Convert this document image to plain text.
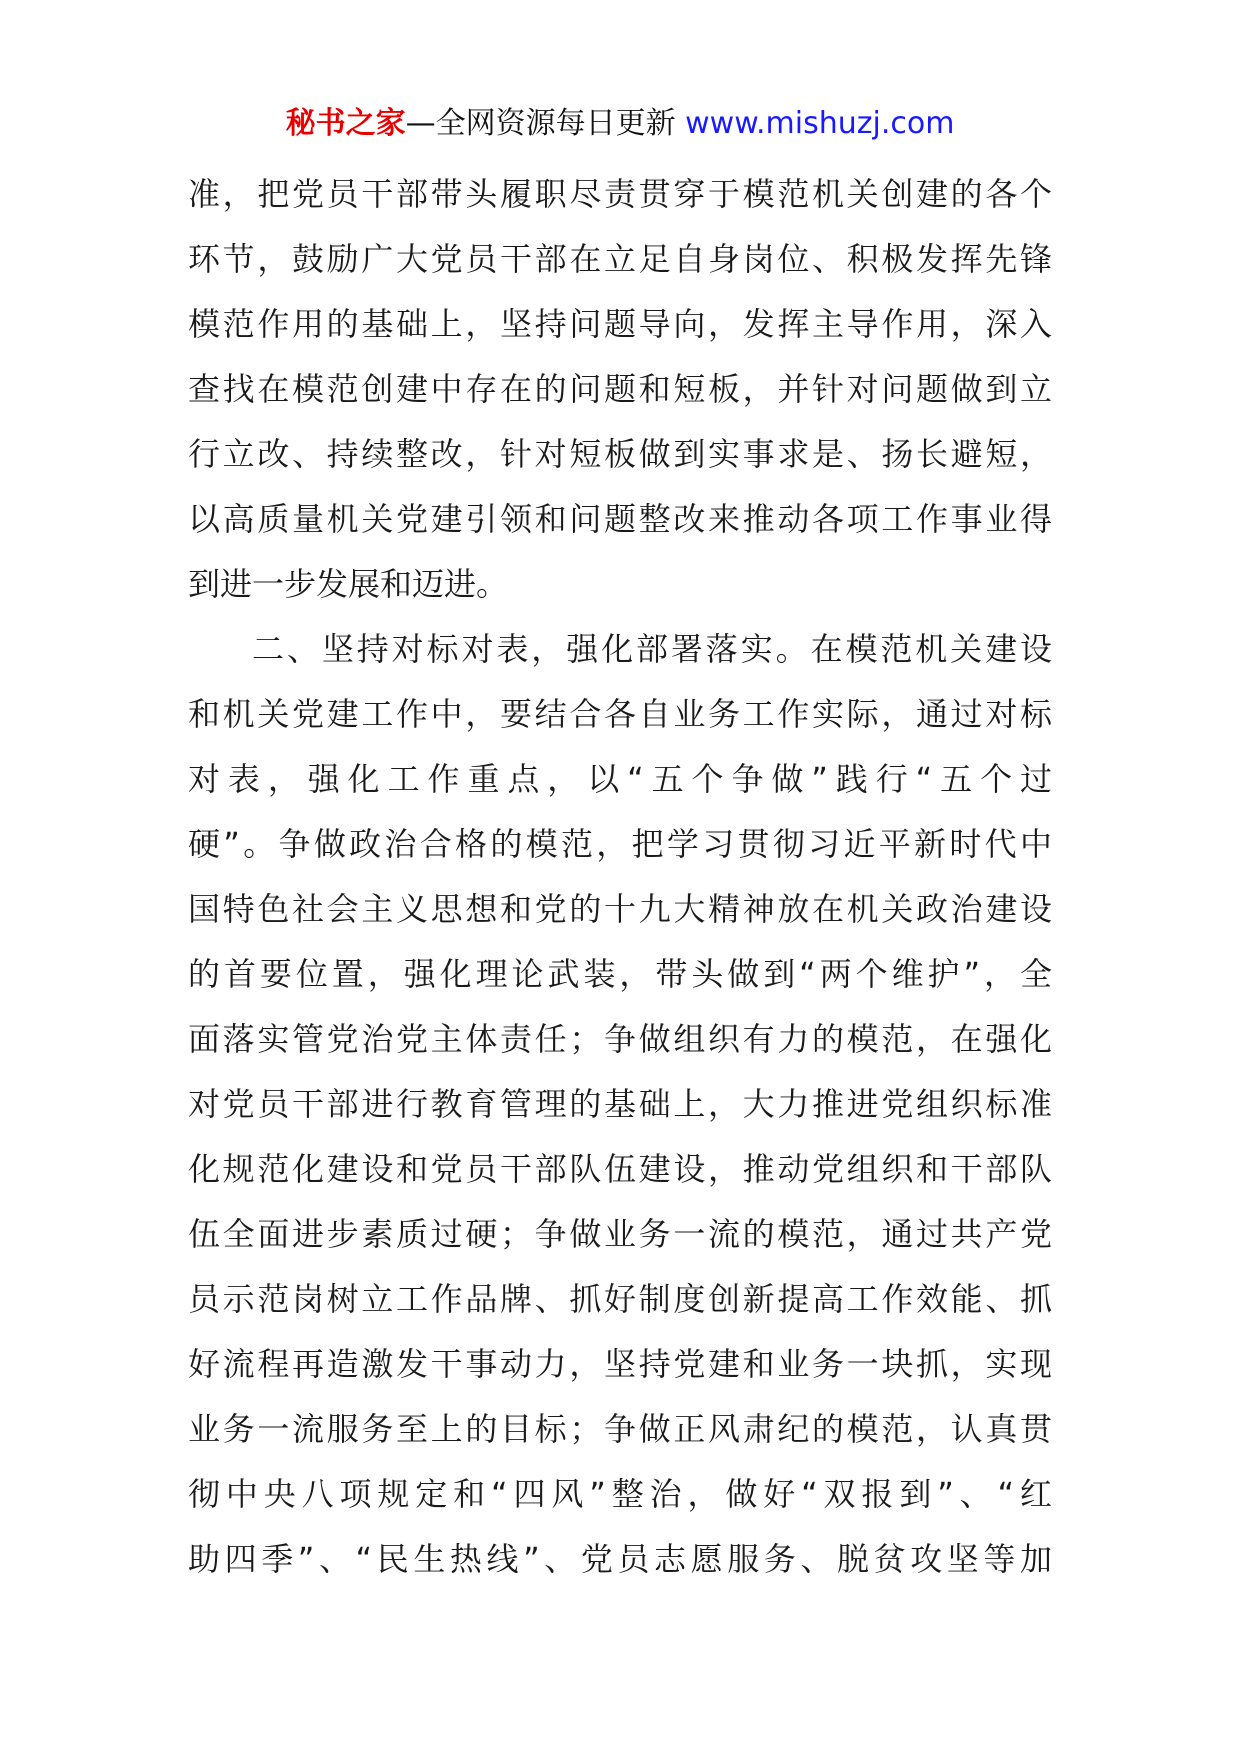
秘书之家—全网资源每日更新 www.mishuzj.com
准，把党员干部带头履职尽责贯穿于模范机关创建的各个
环节，鼓励广大党员干部在立足自身岗位、积极发挥先锋
模范作用的基础上，坚持问题导向，发挥主导作用，深入
查找在模范创建中存在的问题和短板，并针对问题做到立
行立改、持续整改，针对短板做到实事求是、扬长避短，
以高质量机关党建引领和问题整改来推动各项工作事业得
到进一步发展和迈进。
二、坚持对标对表，强化部署落实。在模范机关建设
和机关党建工作中，要结合各自业务工作实际，通过对标
对表，强化工作重点，以“五个争做”践行“五个过
硬”。争做政治合格的模范，把学习贯彻习近平新时代中
国特色社会主义思想和党的十九大精神放在机关政治建设
的首要位置，强化理论武装，带头做到“两个维护”，全
面落实管党治党主体责任；争做组织有力的模范，在强化
对党员干部进行教育管理的基础上，大力推进党组织标准
化规范化建设和党员干部队伍建设，推动党组织和干部队
伍全面进步素质过硬；争做业务一流的模范，通过共产党
员示范岗树立工作品牌、抓好制度创新提高工作效能、抓
好流程再造激发干事动力，坚持党建和业务一块抓，实现
业务一流服务至上的目标；争做正风肃纪的模范，认真贯
彻中央八项规定和“四风”整治，做好“双报到”、“红
助四季”、“民生热线”、党员志愿服务、脱贫攻坚等加
